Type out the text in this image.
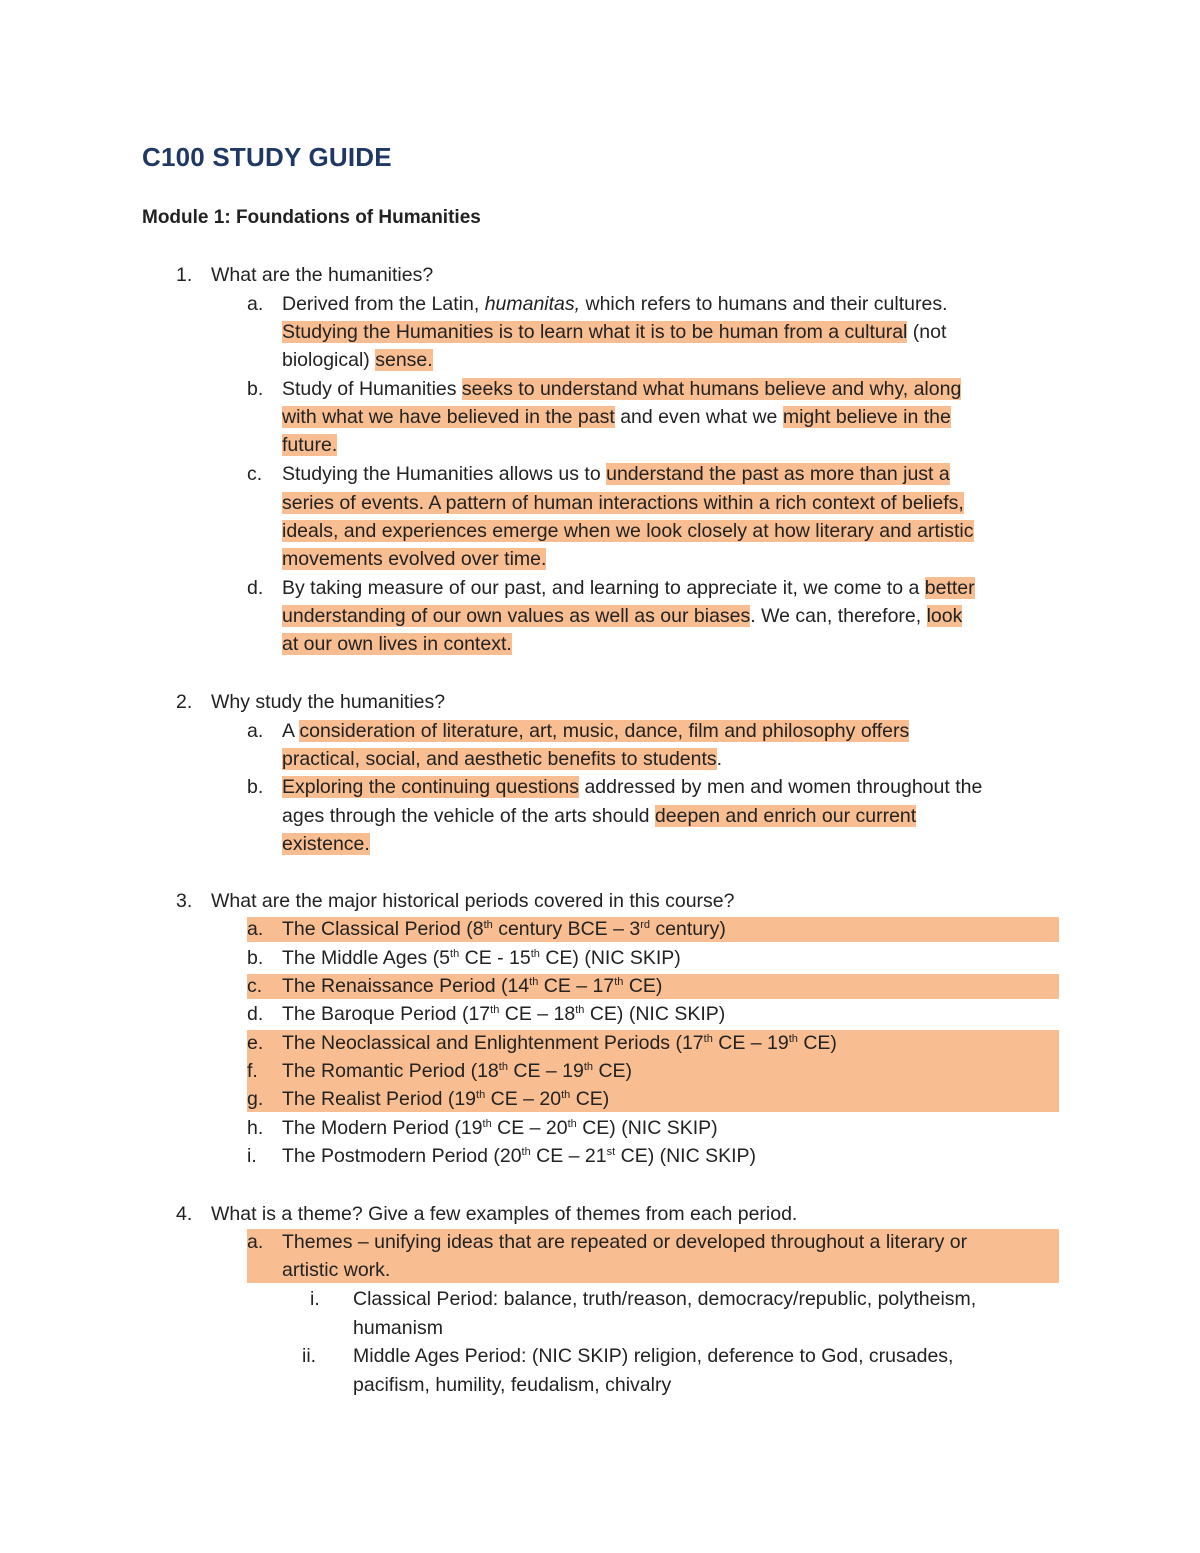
C100 STUDY GUIDE
Module 1: Foundations of Humanities
1. What are the humanities?
a. Derived from the Latin, humanitas, which refers to humans and their cultures.
Studying the Humanities is to learn what it is to be human from a cultural (not
biological) sense.
b. Study of Humanities seeks to understand what humans believe and why, along
with what we have believed in the past and even what we might believe in the
future.
c. Studying the Humanities allows us to understand the past as more than just a
series of events. A pattern of human interactions within a rich context of beliefs,
ideals, and experiences emerge when we look closely at how literary and artistic
movements evolved over time.
d. By taking measure of our past, and learning to appreciate it, we come to a better
understanding of our own values as well as our biases. We can, therefore, look
at our own lives in context.
2. Why study the humanities?
a. A consideration of literature, art, music, dance, film and philosophy offers
practical, social, and aesthetic benefits to students.
b. Exploring the continuing questions addressed by men and women throughout the
ages through the vehicle of the arts should deepen and enrich our current
existence.
3. What are the major historical periods covered in this course?
a. The Classical Period (8th century BCE – 3rd century)
b. The Middle Ages (5th CE - 15th CE) (NIC SKIP)
c. The Renaissance Period (14th CE – 17th CE)
d. The Baroque Period (17th CE – 18th CE) (NIC SKIP)
e. The Neoclassical and Enlightenment Periods (17th CE – 19th CE)
f. The Romantic Period (18th CE – 19th CE)
g. The Realist Period (19th CE – 20th CE)
h. The Modern Period (19th CE – 20th CE) (NIC SKIP)
i. The Postmodern Period (20th CE – 21st CE) (NIC SKIP)
4. What is a theme? Give a few examples of themes from each period.
a. Themes – unifying ideas that are repeated or developed throughout a literary or
artistic work.
i. Classical Period: balance, truth/reason, democracy/republic, polytheism,
humanism
ii. Middle Ages Period: (NIC SKIP) religion, deference to God, crusades,
pacifism, humility, feudalism, chivalry
